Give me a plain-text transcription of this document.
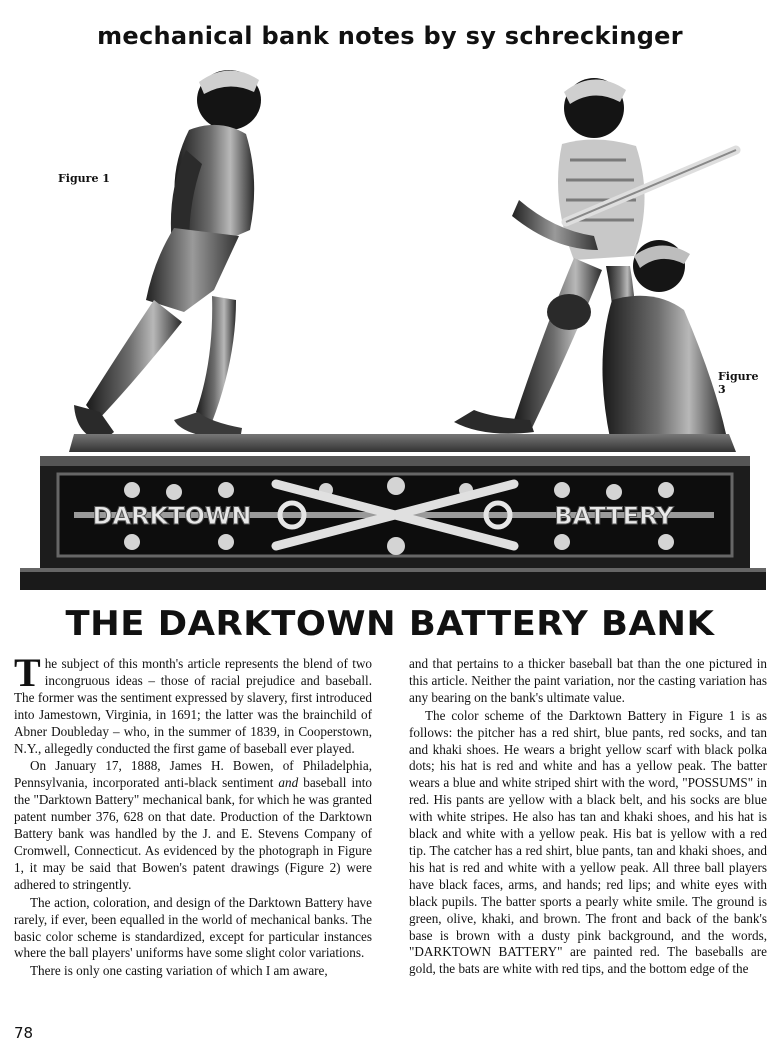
mechanical bank notes by sy schreckinger
DARKTOWN	BATTERY
Figure 1
Figure 3
THE DARKTOWN BATTERY BANK

The subject of this month's article represents the blend of two incongruous ideas – those of racial prejudice and baseball. The former was the sentiment expressed by slavery, first introduced into Jamestown, Virginia, in 1691; the latter was the brainchild of Abner Doubleday – who, in the summer of 1839, in Cooperstown, N.Y., allegedly conducted the first game of baseball ever played.

On January 17, 1888, James H. Bowen, of Philadelphia, Pennsylvania, incorporated anti-black sentiment and baseball into the "Darktown Battery" mechanical bank, for which he was granted patent number 376, 628 on that date. Production of the Darktown Battery bank was handled by the J. and E. Stevens Company of Cromwell, Connecticut. As evidenced by the photograph in Figure 1, it may be said that Bowen's patent drawings (Figure 2) were adhered to stringently.

The action, coloration, and design of the Darktown Battery have rarely, if ever, been equalled in the world of mechanical banks. The basic color scheme is standardized, except for particular instances where the ball players' uniforms have some slight color variations.

There is only one casting variation of which I am aware,

and that pertains to a thicker baseball bat than the one pictured in this article. Neither the paint variation, nor the casting variation has any bearing on the bank's ultimate value.

The color scheme of the Darktown Battery in Figure 1 is as follows: the pitcher has a red shirt, blue pants, red socks, and tan and khaki shoes. He wears a bright yellow scarf with black polka dots; his hat is red and white and has a yellow peak. The batter wears a blue and white striped shirt with the word, "POSSUMS" in red. His pants are yellow with a black belt, and his socks are blue with white stripes. He also has tan and khaki shoes, and his hat is black and white with a yellow peak. His bat is yellow with a red tip. The catcher has a red shirt, blue pants, tan and khaki shoes, and his hat is red and white with a yellow peak. All three ball players have black faces, arms, and hands; red lips; and white eyes with black pupils. The batter sports a pearly white smile. The ground is green, olive, khaki, and brown. The front and back of the bank's base is brown with a dusty pink background, and the words, "DARKTOWN BATTERY" are painted red. The baseballs are gold, the bats are white with red tips, and the bottom edge of the

78
